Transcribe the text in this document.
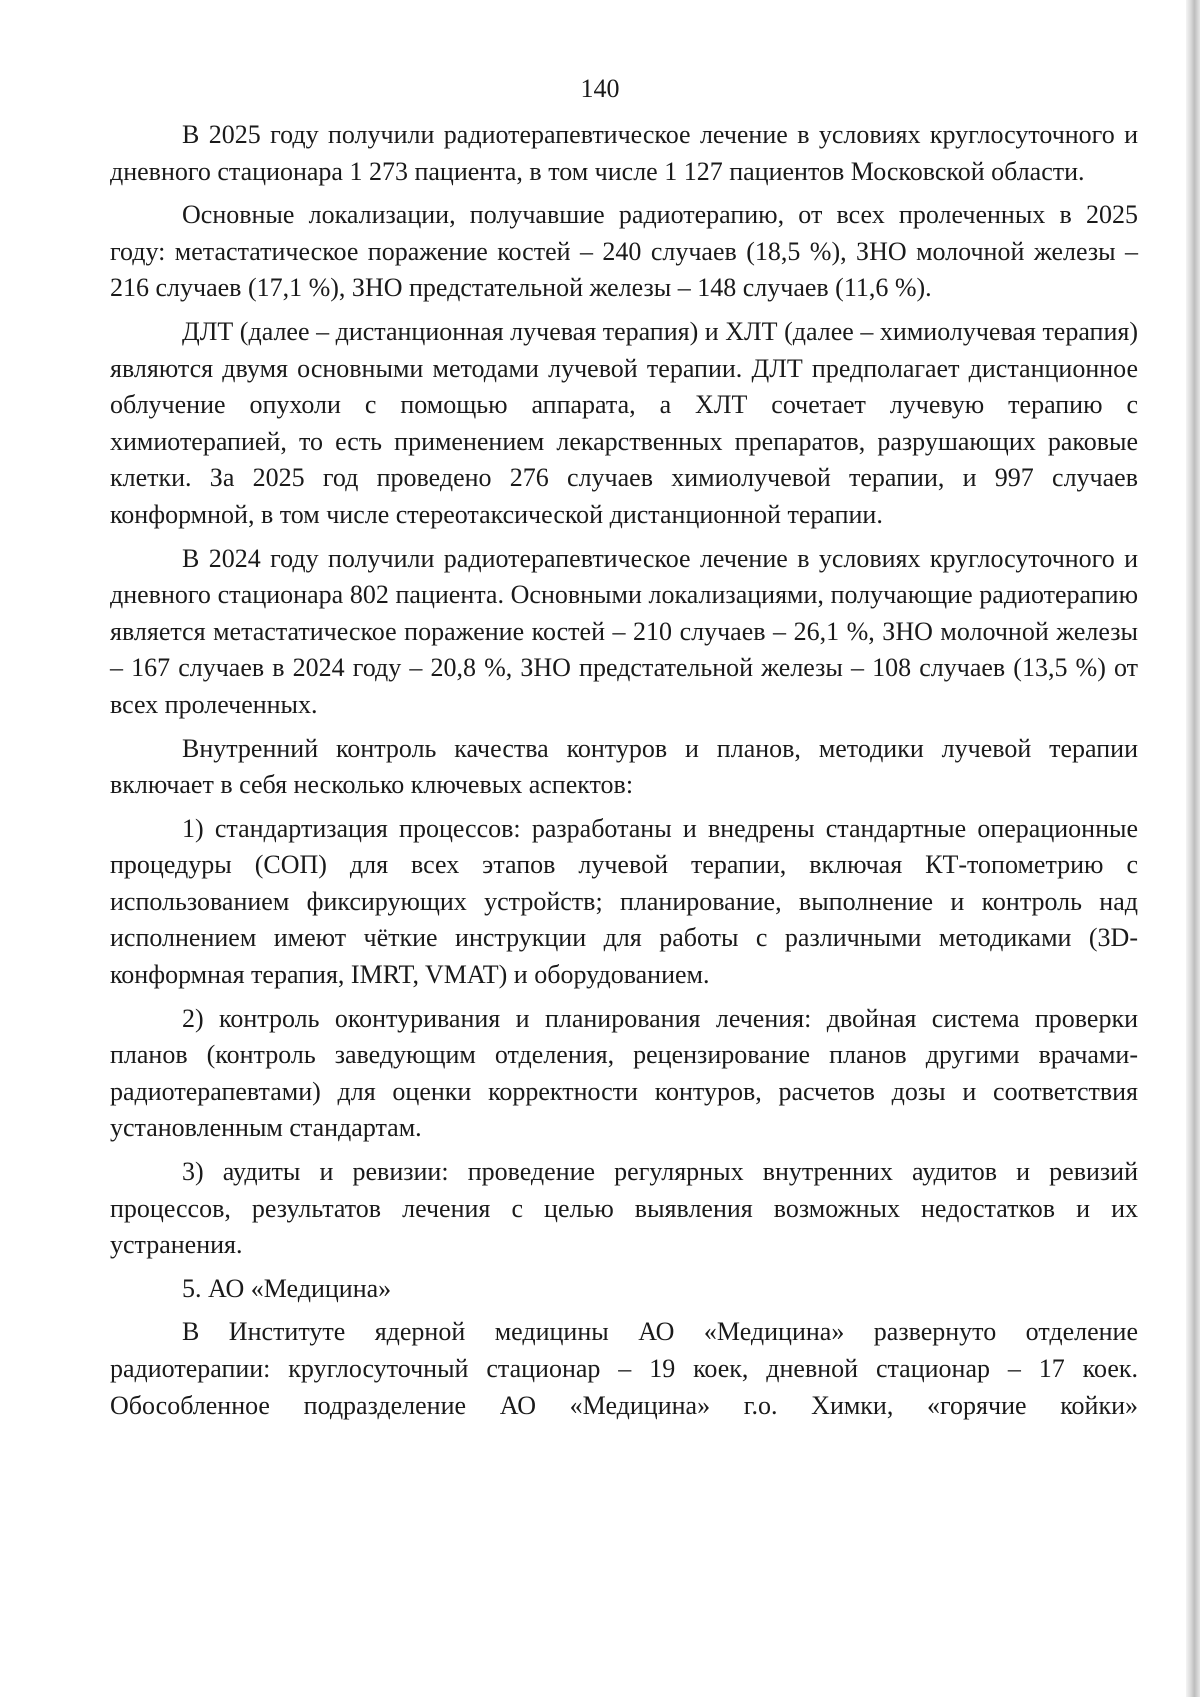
140

В 2025 году получили радиотерапевтическое лечение в условиях круглосуточного и дневного стационара 1 273 пациента, в том числе 1 127 пациентов Московской области.

Основные локализации, получавшие радиотерапию, от всех пролеченных в 2025 году: метастатическое поражение костей – 240 случаев (18,5 %), ЗНО молочной железы – 216 случаев (17,1 %), ЗНО предстательной железы – 148 случаев (11,6 %).

ДЛТ (далее – дистанционная лучевая терапия) и ХЛТ (далее – химиолучевая терапия) являются двумя основными методами лучевой терапии. ДЛТ предполагает дистанционное облучение опухоли с помощью аппарата, а ХЛТ сочетает лучевую терапию с химиотерапией, то есть применением лекарственных препаратов, разрушающих раковые клетки. За 2025 год проведено 276 случаев химиолучевой терапии, и 997 случаев конформной, в том числе стереотаксической дистанционной терапии.

В 2024 году получили радиотерапевтическое лечение в условиях круглосуточного и дневного стационара 802 пациента. Основными локализациями, получающие радиотерапию является метастатическое поражение костей – 210 случаев – 26,1 %, ЗНО молочной железы – 167 случаев в 2024 году – 20,8 %, ЗНО предстательной железы – 108 случаев (13,5 %) от всех пролеченных.

Внутренний контроль качества контуров и планов, методики лучевой терапии включает в себя несколько ключевых аспектов:

1) стандартизация процессов: разработаны и внедрены стандартные операционные процедуры (СОП) для всех этапов лучевой терапии, включая КТ-топометрию с использованием фиксирующих устройств; планирование, выполнение и контроль над исполнением имеют чёткие инструкции для работы с различными методиками (3D-конформная терапия, IMRT, VMAT) и оборудованием.

2) контроль оконтуривания и планирования лечения: двойная система проверки планов (контроль заведующим отделения, рецензирование планов другими врачами-радиотерапевтами) для оценки корректности контуров, расчетов дозы и соответствия установленным стандартам.

3) аудиты и ревизии: проведение регулярных внутренних аудитов и ревизий процессов, результатов лечения с целью выявления возможных недостатков и их устранения.

5. АО «Медицина»

В Институте ядерной медицины АО «Медицина» развернуто отделение радиотерапии: круглосуточный стационар – 19 коек, дневной стационар – 17 коек. Обособленное подразделение АО «Медицина» г.о. Химки, «горячие койки»
